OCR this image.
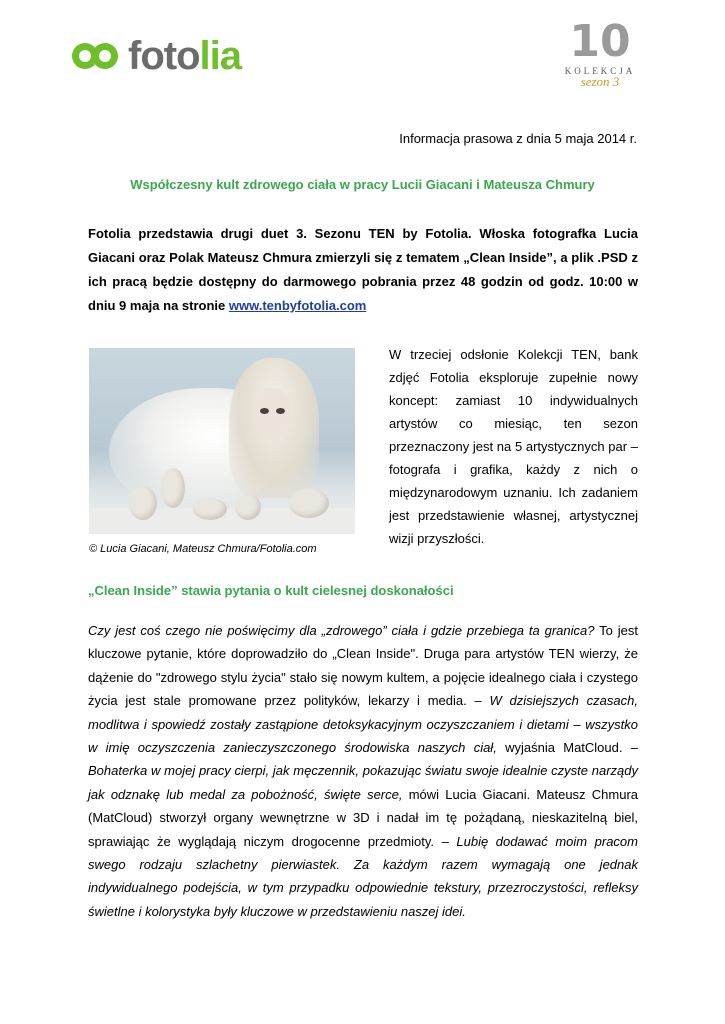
fotolia	10
KOLEKCJA
sezon 3
Informacja prasowa z dnia 5 maja 2014 r.
Współczesny kult zdrowego ciała w pracy Lucii Giacani i Mateusza Chmury
Fotolia przedstawia drugi duet 3. Sezonu TEN by Fotolia. Włoska fotografka Lucia Giacani oraz Polak Mateusz Chmura zmierzyli się z tematem „Clean Inside”, a plik .PSD z ich pracą będzie dostępny do darmowego pobrania przez 48 godzin od godz. 10:00 w dniu 9 maja na stronie www.tenbyfotolia.com
© Lucia Giacani, Mateusz Chmura/Fotolia.com
W trzeciej odsłonie Kolekcji TEN, bank zdjęć Fotolia eksploruje zupełnie nowy koncept: zamiast 10 indywidualnych artystów co miesiąc, ten sezon przeznaczony jest na 5 artystycznych par – fotografa i grafika, każdy z nich o międzynarodowym uznaniu. Ich zadaniem jest przedstawienie własnej, artystycznej wizji przyszłości.
„Clean Inside” stawia pytania o kult cielesnej doskonałości
Czy jest coś czego nie poświęcimy dla „zdrowego” ciała i gdzie przebiega ta granica? To jest kluczowe pytanie, które doprowadziło do „Clean Inside". Druga para artystów TEN wierzy, że dążenie do "zdrowego stylu życia" stało się nowym kultem, a pojęcie idealnego ciała i czystego życia jest stale promowane przez polityków, lekarzy i media. – W dzisiejszych czasach, modlitwa i spowiedź zostały zastąpione detoksykacyjnym oczyszczaniem i dietami – wszystko w imię oczyszczenia zanieczyszczonego środowiska naszych ciał, wyjaśnia MatCloud. – Bohaterka w mojej pracy cierpi, jak męczennik, pokazując światu swoje idealnie czyste narządy jak odznakę lub medal za pobożność, święte serce, mówi Lucia Giacani. Mateusz Chmura (MatCloud) stworzył organy wewnętrzne w 3D i nadał im tę pożądaną, nieskazitelną biel, sprawiając że wyglądają niczym drogocenne przedmioty. – Lubię dodawać moim pracom swego rodzaju szlachetny pierwiastek. Za każdym razem wymagają one jednak indywidualnego podejścia, w tym przypadku odpowiednie tekstury, przezroczystości, refleksy świetlne i kolorystyka były kluczowe w przedstawieniu naszej idei.
